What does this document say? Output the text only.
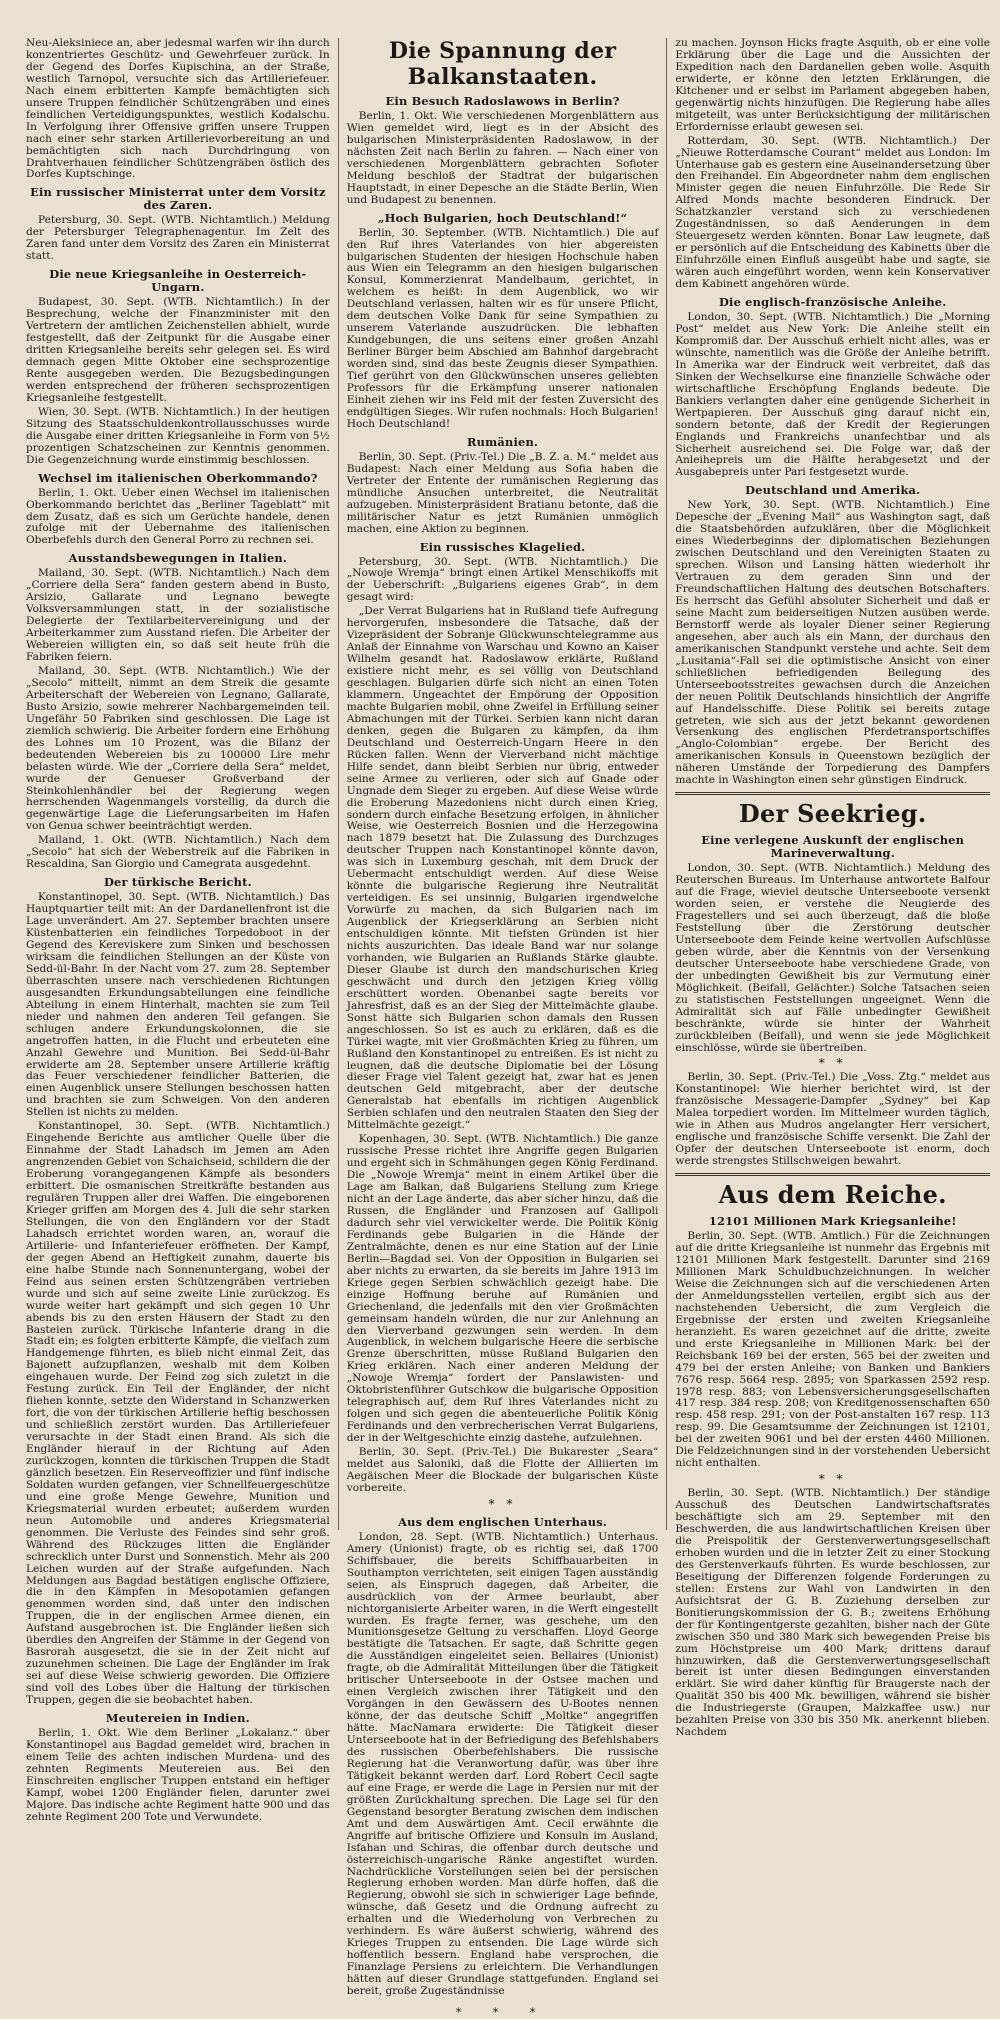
Neu-Aleksiniece an, aber jedesmal warfen wir ihn durch konzentriertes Geschütz- und Gewehrfeuer zurück. In der Gegend des Dorfes Kupischina, an der Straße, westlich Tarnopol, versuchte sich das Artilleriefeuer. Nach einem erbitterten Kampfe bemächtigten sich unsere Truppen feindlicher Schützengräben und eines feindlichen Verteidigungspunktes, westlich Kodalschu. In Verfolgung ihrer Offensive griffen unsere Truppen nach einer sehr starken Artillerievorbereitung an und bemächtigten sich nach Durchdringung von Drahtverhauen feindlicher Schützengräben östlich des Dorfes Kuptschinge.

Ein russischer Ministerrat unter dem Vorsitz des Zaren.

Petersburg, 30. Sept. (WTB. Nichtamtlich.) Meldung der Petersburger Telegraphenagentur. Im Zelt des Zaren fand unter dem Vorsitz des Zaren ein Ministerrat statt.

Die neue Kriegsanleihe in Oesterreich-Ungarn.

Budapest, 30. Sept. (WTB. Nichtamtlich.) In der Besprechung, welche der Finanzminister mit den Vertretern der amtlichen Zeichenstellen abhielt, wurde festgestellt, daß der Zeitpunkt für die Ausgabe einer dritten Kriegsanleihe bereits sehr gelegen sei. Es wird demnach gegen Mitte Oktober eine sechsprozentige Rente ausgegeben werden. Die Bezugsbedingungen werden entsprechend der früheren sechsprozentigen Kriegsanleihe festgestellt.

Wien, 30. Sept. (WTB. Nichtamtlich.) In der heutigen Sitzung des Staatsschuldenkontrollausschusses wurde die Ausgabe einer dritten Kriegsanleihe in Form von 5½ prozentigen Schatzscheinen zur Kenntnis genommen. Die Gegenzeichnung wurde einstimmig beschlossen.

Wechsel im italienischen Oberkommando?

Berlin, 1. Okt. Ueber einen Wechsel im italienischen Oberkommando berichtet das „Berliner Tageblatt“ mit dem Zusatz, daß es sich um Gerüchte handele, denen zufolge mit der Uebernahme des italienischen Oberbefehls durch den General Porro zu rechnen sei.

Ausstandsbewegungen in Italien.

Mailand, 30. Sept. (WTB. Nichtamtlich.) Nach dem „Corriere della Sera“ fanden gestern abend in Busto, Arsizio, Gallarate und Legnano bewegte Volksversammlungen statt, in der sozialistische Delegierte der Textilarbeitervereinigung und der Arbeiterkammer zum Ausstand riefen. Die Arbeiter der Webereien willigten ein, so daß seit heute früh die Fabriken feiern.

Mailand, 30. Sept. (WTB. Nichtamtlich.) Wie der „Secolo“ mitteilt, nimmt an dem Streik die gesamte Arbeiterschaft der Webereien von Legnano, Gallarate, Busto Arsizio, sowie mehrerer Nachbargemeinden teil. Ungefähr 50 Fabriken sind geschlossen. Die Lage ist ziemlich schwierig. Die Arbeiter fordern eine Erhöhung des Lohnes um 10 Prozent, was die Bilanz der bedeutenden Webereien bis zu 100000 Lire mehr belasten würde. Wie der „Corriere della Sera“ meldet, wurde der Genueser Großverband der Steinkohlenhändler bei der Regierung wegen herrschenden Wagenmangels vorstellig, da durch die gegenwärtige Lage die Lieferungsarbeiten im Hafen von Genua schwer beeinträchtigt werden.

Mailand, 1. Okt. (WTB. Nichtamtlich.) Nach dem „Secolo“ hat sich der Weberstreik auf die Fabriken in Rescaldina, San Giorgio und Camegrata ausgedehnt.

Der türkische Bericht.

Konstantinopel, 30. Sept. (WTB. Nichtamtlich.) Das Hauptquartier teilt mit: An der Dardanellenfront ist die Lage unverändert. Am 27. September brachten unsere Küstenbatterien ein feindliches Torpedoboot in der Gegend des Kereviskere zum Sinken und beschossen wirksam die feindlichen Stellungen an der Küste von Sedd-ül-Bahr. In der Nacht vom 27. zum 28. September überraschten unsere nach verschiedenen Richtungen ausgesandten Erkundungsabteilungen eine feindliche Abteilung in einem Hinterhalt, machten sie zum Teil nieder und nahmen den anderen Teil gefangen. Sie schlugen andere Erkundungskolonnen, die sie angetroffen hatten, in die Flucht und erbeuteten eine Anzahl Gewehre und Munition. Bei Sedd-ül-Bahr erwiderte am 28. September unsere Artillerie kräftig das Feuer verschiedener feindlicher Batterien, die einen Augenblick unsere Stellungen beschossen hatten und brachten sie zum Schweigen. Von den anderen Stellen ist nichts zu melden.

Konstantinopel, 30. Sept. (WTB. Nichtamtlich.) Eingehende Berichte aus amtlicher Quelle über die Einnahme der Stadt Lahadsch im Jemen am Aden angrenzenden Gebiet von Schaichseid, schildern die der Eroberung vorangegangenen Kämpfe als besonders erbittert. Die osmanischen Streitkräfte bestanden aus regulären Truppen aller drei Waffen. Die eingeborenen Krieger griffen am Morgen des 4. Juli die sehr starken Stellungen, die von den Engländern vor der Stadt Lahadsch errichtet worden waren, an, worauf die Artillerie- und Infanteriefeuer eröffneten. Der Kampf, der gegen Abend an Heftigkeit zunahm, dauerte bis eine halbe Stunde nach Sonnenuntergang, wobei der Feind aus seinen ersten Schützengräben vertrieben wurde und sich auf seine zweite Linie zurückzog. Es wurde weiter hart gekämpft und sich gegen 10 Uhr abends bis zu den ersten Häusern der Stadt zu den Basteien zurück. Türkische Infanterie drang in die Stadt ein; es folgten erbitterte Kämpfe, die vielfach zum Handgemenge führten, es blieb nicht einmal Zeit, das Bajonett aufzupflanzen, weshalb mit dem Kolben eingehauen wurde. Der Feind zog sich zuletzt in die Festung zurück. Ein Teil der Engländer, der nicht fliehen konnte, setzte den Widerstand in Schanzwerken fort, die von der türkischen Artillerie heftig beschossen und schließlich zerstört wurden. Das Artilleriefeuer verursachte in der Stadt einen Brand. Als sich die Engländer hierauf in der Richtung auf Aden zurückzogen, konnten die türkischen Truppen die Stadt gänzlich besetzen. Ein Reserveoffizier und fünf indische Soldaten wurden gefangen, vier Schnellfeuergeschütze und eine große Menge Gewehre, Munition und Kriegsmaterial wurden erbeutet; außerdem wurden neun Automobile und anderes Kriegsmaterial genommen. Die Verluste des Feindes sind sehr groß. Während des Rückzuges litten die Engländer schrecklich unter Durst und Sonnenstich. Mehr als 200 Leichen wurden auf der Straße aufgefunden. Nach Meldungen aus Bagdad bestätigen englische Offiziere, die in den Kämpfen in Mesopotamien gefangen genommen worden sind, daß unter den indischen Truppen, die in der englischen Armee dienen, ein Aufstand ausgebrochen ist. Die Engländer ließen sich überdies den Angreifen der Stämme in der Gegend von Basrorah ausgesetzt, die sie in der Zeit nicht auf zuzunehmen scheinen. Die Lage der Engländer im Irak sei auf diese Weise schwierig geworden. Die Offiziere sind voll des Lobes über die Haltung der türkischen Truppen, gegen die sie beobachtet haben.

Meutereien in Indien.

Berlin, 1. Okt. Wie dem Berliner „Lokalanz.“ über Konstantinopel aus Bagdad gemeldet wird, brachen in einem Teile des achten indischen Murdena- und des zehnten Regiments Meutereien aus. Bei den Einschreiten englischer Truppen entstand ein heftiger Kampf, wobei 1200 Engländer fielen, darunter zwei Majore. Das indische achte Regiment hatte 900 und das zehnte Regiment 200 Tote und Verwundete.

Die Spannung der Balkanstaaten.
Ein Besuch Radoslawows in Berlin?

Berlin, 1. Okt. Wie verschiedenen Morgenblättern aus Wien gemeldet wird, liegt es in der Absicht des bulgarischen Ministerpräsidenten Radoslawow, in der nächsten Zeit nach Berlin zu fahren. — Nach einer von verschiedenen Morgenblättern gebrachten Sofioter Meldung beschloß der Stadtrat der bulgarischen Hauptstadt, in einer Depesche an die Städte Berlin, Wien und Budapest zu benennen.

„Hoch Bulgarien, hoch Deutschland!“

Berlin, 30. September. (WTB. Nichtamtlich.) Die auf den Ruf ihres Vaterlandes von hier abgereisten bulgarischen Studenten der hiesigen Hochschule haben aus Wien ein Telegramm an den hiesigen bulgarischen Konsul, Kommerzienrat Mandelbaum, gerichtet, in welchem es heißt: In dem Augenblick, wo wir Deutschland verlassen, halten wir es für unsere Pflicht, dem deutschen Volke Dank für seine Sympathien zu unserem Vaterlande auszudrücken. Die lebhaften Kundgebungen, die uns seitens einer großen Anzahl Berliner Bürger beim Abschied am Bahnhof dargebracht worden sind, sind das beste Zeugnis dieser Sympathien. Tief gerührt von den Glückwünschen unseres geliebten Professors für die Erkämpfung unserer nationalen Einheit ziehen wir ins Feld mit der festen Zuversicht des endgültigen Sieges. Wir rufen nochmals: Hoch Bulgarien! Hoch Deutschland!

Rumänien.

Berlin, 30. Sept. (Priv.-Tel.) Die „B. Z. a. M.“ meldet aus Budapest: Nach einer Meldung aus Sofia haben die Vertreter der Entente der rumänischen Regierung das mündliche Ansuchen unterbreitet, die Neutralität aufzugeben. Ministerpräsident Bratianu betonte, daß die militärischer Natur es jetzt Rumänien unmöglich machen, eine Aktion zu beginnen.

Ein russisches Klagelied.

Petersburg, 30. Sept. (WTB. Nichtamtlich.) Die „Nowoje Wremja“ bringt einen Artikel Menschikoffs mit der Ueberschrift: „Bulgariens eigenes Grab“, in dem gesagt wird:

„Der Verrat Bulgariens hat in Rußland tiefe Aufregung hervorgerufen, insbesondere die Tatsache, daß der Vizepräsident der Sobranje Glückwunschtelegramme aus Anlaß der Einnahme von Warschau und Kowno an Kaiser Wilhelm gesandt hat. Radoslawow erklärte, Rußland existiere nicht mehr, es sei völlig von Deutschland geschlagen. Bulgarien dürfe sich nicht an einen Toten klammern. Ungeachtet der Empörung der Opposition machte Bulgarien mobil, ohne Zweifel in Erfüllung seiner Abmachungen mit der Türkei. Serbien kann nicht daran denken, gegen die Bulgaren zu kämpfen, da ihm Deutschland und Oesterreich-Ungarn Heere in den Rücken fallen. Wenn der Vierverband nicht mächtige Hilfe sendet, dann bleibt Serbien nur übrig, entweder seine Armee zu verlieren, oder sich auf Gnade oder Ungnade dem Sieger zu ergeben. Auf diese Weise würde die Eroberung Mazedoniens nicht durch einen Krieg, sondern durch einfache Besetzung erfolgen, in ähnlicher Weise, wie Oesterreich Bosnien und die Herzegowina nach 1879 besetzt hat. Die Zulassung des Durchzuges deutscher Truppen nach Konstantinopel könnte davon, was sich in Luxemburg geschah, mit dem Druck der Uebermacht entschuldigt werden. Auf diese Weise könnte die bulgarische Regierung ihre Neutralität verteidigen. Es sei unsinnig, Bulgarien irgendwelche Vorwürfe zu machen, da sich Bulgarien nach im Augenblick der Kriegserklärung an Serbien nicht entschuldigen könnte. Mit tiefsten Gründen ist hier nichts auszurichten. Das ideale Band war nur solange vorhanden, wie Bulgarien an Rußlands Stärke glaubte. Dieser Glaube ist durch den mandschurischen Krieg geschwächt und durch den jetzigen Krieg völlig erschüttert worden. Obenanbei sagte bereits vor Jahresfrist, daß es an der Sieg der Mittelmächte glaube. Sonst hätte sich Bulgarien schon damals den Russen angeschlossen. So ist es auch zu erklären, daß es die Türkei wagte, mit vier Großmächten Krieg zu führen, um Rußland den Konstantinopel zu entreißen. Es ist nicht zu leugnen, daß die deutsche Diplomatie bei der Lösung dieser Frage viel Talent gezeigt hat, zwar hat es jenen deutschen Geld mitgebracht, aber der deutsche Generalstab hat ebenfalls im richtigen Augenblick Serbien schlafen und den neutralen Staaten den Sieg der Mittelmächte gezeigt.“

Kopenhagen, 30. Sept. (WTB. Nichtamtlich.) Die ganze russische Presse richtet ihre Angriffe gegen Bulgarien und ergeht sich in Schmähungen gegen König Ferdinand. Die „Nowoje Wremja“ meint in einem Artikel über die Lage am Balkan, daß Bulgariens Stellung zum Kriege nicht an der Lage änderte, das aber sicher hinzu, daß die Russen, die Engländer und Franzosen auf Gallipoli dadurch sehr viel verwickelter werde. Die Politik König Ferdinands gebe Bulgarien in die Hände der Zentralmächte, denen es nur eine Station auf der Linie Berlin—Bagdad sei. Von der Opposition in Bulgarien sei aber nichts zu erwarten, da sie bereits im Jahre 1913 im Kriege gegen Serbien schwächlich gezeigt habe. Die einzige Hoffnung beruhe auf Rumänien und Griechenland, die jedenfalls mit den vier Großmächten gemeinsam handeln würden, die nur zur Anlehnung an den Vierverband gezwungen sein werden. In dem Augenblick, in welchem bulgarische Heere die serbische Grenze überschritten, müsse Rußland Bulgarien den Krieg erklären. Nach einer anderen Meldung der „Nowoje Wremja“ fordert der Panslawisten- und Oktobristenführer Gutschkow die bulgarische Opposition telegraphisch auf, dem Ruf ihres Vaterlandes nicht zu folgen und sich gegen die abenteuerliche Politik König Ferdinands und den verbrecherischen Verrat Bulgariens, der in der Weltgeschichte einzig dastehe, aufzulehnen.

Berlin, 30. Sept. (Priv.-Tel.) Die Bukarester „Seara“ meldet aus Saloniki, daß die Flotte der Alliierten im Aegäischen Meer die Blockade der bulgarischen Küste vorbereite.

* *
Aus dem englischen Unterhaus.

London, 28. Sept. (WTB. Nichtamtlich.) Unterhaus. Amery (Unionist) fragte, ob es richtig sei, daß 1700 Schiffsbauer, die bereits Schiffbauarbeiten in Southampton verrichteten, seit einigen Tagen ausständig seien, als Einspruch dagegen, daß Arbeiter, die ausdrücklich von der Armee beurlaubt, aber nichtorganisierte Arbeiter waren, in die Werft eingestellt wurden. Es fragte ferner, was geschehe, um den Munitionsgesetze Geltung zu verschaffen. Lloyd George bestätigte die Tatsachen. Er sagte, daß Schritte gegen die Ausständigen eingeleitet seien. Bellaires (Unionist) fragte, ob die Admiralität Mitteilungen über die Tätigkeit britischer Unterseeboote in der Ostsee machen und einen Vergleich zwischen ihrer Tätigkeit und den Vorgängen in den Gewässern des U-Bootes nennen könne, der das deutsche Schiff „Moltke“ angegriffen hätte. MacNamara erwiderte: Die Tätigkeit dieser Unterseeboote hat in der Befriedigung des Befehlshabers des russischen Oberbefehlshabers. Die russische Regierung hat die Veranwortung dafür, was über ihre Tätigkeit bekannt werden darf. Lord Robert Cecil sagte auf eine Frage, er werde die Lage in Persien nur mit der größten Zurückhaltung sprechen. Die Lage sei für den Gegenstand besorgter Beratung zwischen dem indischen Amt und dem Auswärtigen Amt. Cecil erwähnte die Angriffe auf britische Offiziere und Konsuln im Ausland, Isfahan und Schiras, die offenbar durch deutsche und österreichisch-ungarische Ränke angestiftet wurden. Nachdrückliche Vorstellungen seien bei der persischen Regierung erhoben worden. Man dürfe hoffen, daß die Regierung, obwohl sie sich in schwieriger Lage befinde, wünsche, daß Gesetz und die Ordnung aufrecht zu erhalten und die Wiederholung von Verbrechen zu verhindern. Es wäre äußerst schwierig, während des Krieges Truppen zu entsenden. Die Lage würde sich hoffentlich bessern. England habe versprochen, die Finanzlage Persiens zu erleichtern. Die Verhandlungen hätten auf dieser Grundlage stattgefunden. England sei bereit, große Zugeständnisse

* * *

zu machen. Joynson Hicks fragte Asquith, ob er eine volle Erklärung über die Lage und die Aussichten der Expedition nach den Dardanellen geben wolle. Asquith erwiderte, er könne den letzten Erklärungen, die Kitchener und er selbst im Parlament abgegeben haben, gegenwärtig nichts hinzufügen. Die Regierung habe alles mitgeteilt, was unter Berücksichtigung der militärischen Erfordernisse erlaubt gewesen sei.

Rotterdam, 30. Sept. (WTB. Nichtamtlich.) Der „Nieuwe Rotterdamsche Courant“ meldet aus London: Im Unterhause gab es gestern eine Auseinandersetzung über den Freihandel. Ein Abgeordneter nahm dem englischen Minister gegen die neuen Einfuhrzölle. Die Rede Sir Alfred Monds machte besonderen Eindruck. Der Schatzkanzler verstand sich zu verschiedenen Zugeständnissen, so daß Aenderungen in dem Steuergesetz werden könnten. Bonar Law leugnete, daß er persönlich auf die Entscheidung des Kabinetts über die Einfuhrzölle einen Einfluß ausgeübt habe und sagte, sie wären auch eingeführt worden, wenn kein Konservativer dem Kabinett angehören würde.

Die englisch-französische Anleihe.

London, 30. Sept. (WTB. Nichtamtlich.) Die „Morning Post“ meldet aus New York: Die Anleihe stellt ein Kompromiß dar. Der Ausschuß erhielt nicht alles, was er wünschte, namentlich was die Größe der Anleihe betrifft. In Amerika war der Eindruck weit verbreitet, daß das Sinken der Wechselkurse eine finanzielle Schwäche oder wirtschaftliche Erschöpfung Englands bedeute. Die Bankiers verlangten daher eine genügende Sicherheit in Wertpapieren. Der Ausschuß ging darauf nicht ein, sondern betonte, daß der Kredit der Regierungen Englands und Frankreichs unanfechtbar und als Sicherheit ausreichend sei. Die Folge war, daß der Anleihepreis um die Hälfte herabgesetzt und der Ausgabepreis unter Pari festgesetzt wurde.

Deutschland und Amerika.

New York, 30. Sept. (WTB. Nichtamtlich.) Eine Depesche der „Evening Mail“ aus Washington sagt, daß die Staatsbehörden aufzuklären, über die Möglichkeit eines Wiederbeginns der diplomatischen Beziehungen zwischen Deutschland und den Vereinigten Staaten zu sprechen. Wilson und Lansing hätten wiederholt ihr Vertrauen zu dem geraden Sinn und der Freundschaftlichen Haltung des deutschen Botschafters. Es herrscht das Gefühl absoluter Sicherheit und daß er seine Macht zum beiderseitigen Nutzen ausüben werde. Bernstorff werde als loyaler Diener seiner Regierung angesehen, aber auch als ein Mann, der durchaus den amerikanischen Standpunkt verstehe und achte. Seit dem „Lusitania“-Fall sei die optimistische Ansicht von einer schließlichen befriedigenden Beilegung des Unterseebootsstreites gewachsen durch die Anzeichen der neuen Politik Deutschlands hinsichtlich der Angriffe auf Handelsschiffe. Diese Politik sei bereits zutage getreten, wie sich aus der jetzt bekannt gewordenen Versenkung des englischen Pferdetransportschiffes „Anglo-Colombian“ ergebe. Der Bericht des amerikanischen Konsuls in Queenstown bezüglich der näheren Umstände der Torpedierung des Dampfers machte in Washington einen sehr günstigen Eindruck.

Der Seekrieg.
Eine verlegene Auskunft der englischen Marineverwaltung.

London, 30. Sept. (WTB. Nichtamtlich.) Meldung des Reuterschen Bureaus. Im Unterhause antwortete Balfour auf die Frage, wieviel deutsche Unterseeboote versenkt worden seien, er verstehe die Neugierde des Fragestellers und sei auch überzeugt, daß die bloße Feststellung über die Zerstörung deutscher Unterseeboote dem Feinde keine wertvollen Aufschlüsse geben würde, aber die Kenntnis von der Versenkung deutscher Unterseeboote habe verschiedene Grade, von der unbedingten Gewißheit bis zur Vermutung einer Möglichkeit. (Beifall, Gelächter.) Solche Tatsachen seien zu statistischen Feststellungen ungeeignet. Wenn die Admiralität sich auf Fälle unbedingter Gewißheit beschränkte, würde sie hinter der Wahrheit zurückbleiben (Beifall), und wenn sie jede Möglichkeit einschlösse, würde sie übertreiben.

* *

Berlin, 30. Sept. (Priv.-Tel.) Die „Voss. Ztg.“ meldet aus Konstantinopel: Wie hierher berichtet wird, ist der französische Messagerie-Dampfer „Sydney“ bei Kap Malea torpediert worden. Im Mittelmeer wurden täglich, wie in Athen aus Mudros angelangter Herr versichert, englische und französische Schiffe versenkt. Die Zahl der Opfer der deutschen Unterseeboote ist enorm, doch werde strengstes Stillschweigen bewahrt.

Aus dem Reiche.
12101 Millionen Mark Kriegsanleihe!

Berlin, 30. Sept. (WTB. Amtlich.) Für die Zeichnungen auf die dritte Kriegsanleihe ist nunmehr das Ergebnis mit 12101 Millionen Mark festgestellt. Darunter sind 2169 Millionen Mark Schuldbuchzeichnungen. In welcher Weise die Zeichnungen sich auf die verschiedenen Arten der Anmeldungsstellen verteilen, ergibt sich aus der nachstehenden Uebersicht, die zum Vergleich die Ergebnisse der ersten und zweiten Kriegsanleihe heranzieht. Es waren gezeichnet auf die dritte, zweite und erste Kriegsanleihe in Millionen Mark: bei der Reichsbank 169 bei der ersten, 565 bei der zweiten und 479 bei der ersten Anleihe; von Banken und Bankiers 7676 resp. 5664 resp. 2895; von Sparkassen 2592 resp. 1978 resp. 883; von Lebensversicherungsgesellschaften 417 resp. 384 resp. 208; von Kreditgenossenschaften 650 resp. 458 resp. 291; von der Post-anstalten 167 resp. 113 resp. 99. Die Gesamtsumme der Zeichnungen ist 12101, bei der zweiten 9061 und bei der ersten 4460 Millionen. Die Feldzeichnungen sind in der vorstehenden Uebersicht nicht enthalten.

* *

Berlin, 30. Sept. (WTB. Nichtamtlich.) Der ständige Ausschuß des Deutschen Landwirtschaftsrates beschäftigte sich am 29. September mit den Beschwerden, die aus landwirtschaftlichen Kreisen über die Preispolitik der Gerstenverwertungsgesellschaft erhoben wurden und die in letzter Zeit zu einer Stockung des Gerstenverkaufs führten. Es wurde beschlossen, zur Beseitigung der Differenzen folgende Forderungen zu stellen: Erstens zur Wahl von Landwirten in den Aufsichtsrat der G. B. Zuziehung derselben zur Bonitierungskommission der G. B.; zweitens Erhöhung der für Kontingentgerste gezahlten, bisher nach der Güte zwischen 350 und 380 Mark sich bewegenden Preise bis zum Höchstpreise um 400 Mark; drittens darauf hinzuwirken, daß die Gerstenverwertungsgesellschaft bereit ist unter diesen Bedingungen einverstanden erklärt. Sie wird daher künftig für Braugerste nach der Qualität 350 bis 400 Mk. bewilligen, während sie bisher die Industriegerste (Graupen, Malzkaffee usw.) nur bezahlten Preise von 330 bis 350 Mk. anerkennt blieben. Nachdem
